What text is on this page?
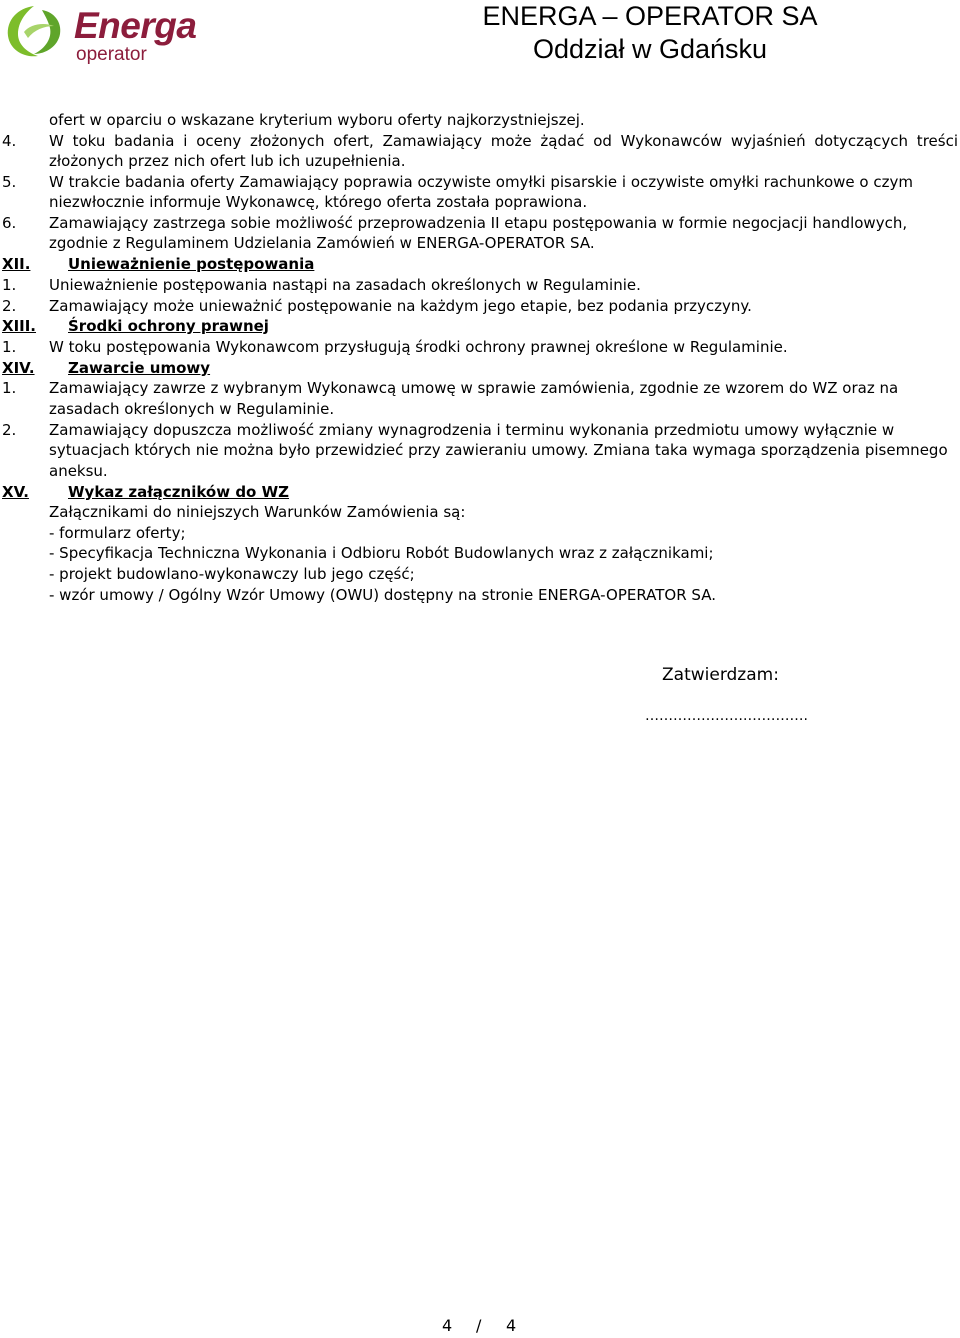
Energa
operator
ENERGA – OPERATOR SA
Oddział w Gdańsku
ofert w oparciu o wskazane kryterium wyboru oferty najkorzystniejszej.
4. W toku badania i oceny złożonych ofert, Zamawiający może żądać od Wykonawców wyjaśnień dotyczących treści
złożonych przez nich ofert lub ich uzupełnienia.
5. W trakcie badania oferty Zamawiający poprawia oczywiste omyłki pisarskie i oczywiste omyłki rachunkowe o czym
niezwłocznie informuje Wykonawcę, którego oferta została poprawiona.
6. Zamawiający zastrzega sobie możliwość przeprowadzenia II etapu postępowania w formie negocjacji handlowych,
zgodnie z Regulaminem Udzielania Zamówień w ENERGA-OPERATOR SA.
XII.	Unieważnienie postępowania
1. Unieważnienie postępowania nastąpi na zasadach określonych w Regulaminie.
2. Zamawiający może unieważnić postępowanie na każdym jego etapie, bez podania przyczyny.
XIII. Środki ochrony prawnej
1. W toku postępowania Wykonawcom przysługują środki ochrony prawnej określone w Regulaminie.
XIV. Zawarcie umowy
1. Zamawiający zawrze z wybranym Wykonawcą umowę w sprawie zamówienia, zgodnie ze wzorem do WZ oraz na
zasadach określonych w Regulaminie.
2. Zamawiający dopuszcza możliwość zmiany wynagrodzenia i terminu wykonania przedmiotu umowy wyłącznie w
sytuacjach których nie można było przewidzieć przy zawieraniu umowy. Zmiana taka wymaga sporządzenia pisemnego
aneksu.
XV.	Wykaz załączników do WZ
Załącznikami do niniejszych Warunków Zamówienia są:
- formularz oferty;
- Specyfikacja Techniczna Wykonania i Odbioru Robót Budowlanych wraz z załącznikami;
- projekt budowlano-wykonawczy lub jego część;
- wzór umowy / Ogólny Wzór Umowy (OWU) dostępny na stronie ENERGA-OPERATOR SA.
Zatwierdzam:
………………….………….
4 / 4
